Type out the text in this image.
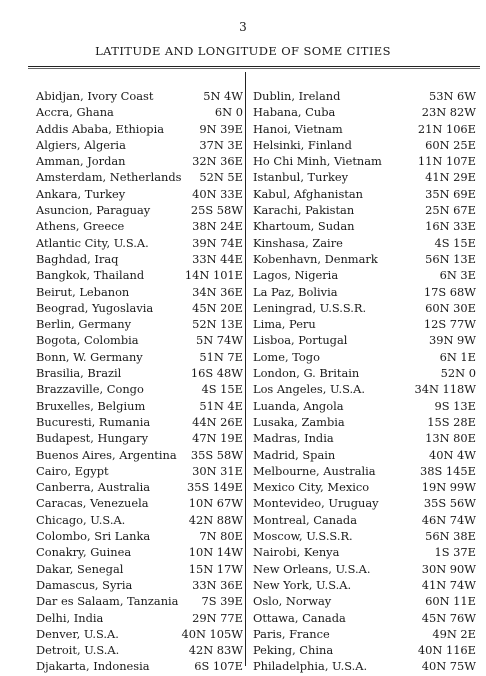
3
LATITUDE AND LONGITUDE OF SOME CITIES
Abidjan, Ivory Coast	5N 4W
Accra, Ghana	6N 0
Addis Ababa, Ethiopia	9N 39E
Algiers, Algeria	37N 3E
Amman, Jordan	32N 36E
Amsterdam, Netherlands 52N 5E
Ankara, Turkey	40N 33E
Asuncion, Paraguay	25S 58W
Athens, Greece	38N 24E
Atlantic City, U.S.A.	39N 74E
Baghdad, Iraq	33N 44E
Bangkok, Thailand	14N 101E
Beirut, Lebanon	34N 36E
Beograd, Yugoslavia	45N 20E
Berlin, Germany	52N 13E
Bogota, Colombia	5N 74W
Bonn, W. Germany	51N 7E
Brasilia, Brazil	16S 48W
Brazzaville, Congo	4S 15E
Bruxelles, Belgium	51N 4E
Bucuresti, Rumania	44N 26E
Budapest, Hungary	47N 19E
Buenos Aires, Argentina 35S 58W
Cairo, Egypt	30N 31E
Canberra, Australia	35S 149E
Caracas, Venezuela	10N 67W
Chicago, U.S.A.	42N 88W
Colombo, Sri Lanka	7N 80E
Conakry, Guinea	10N 14W
Dakar, Senegal	15N 17W
Damascus, Syria	33N 36E
Dar es Salaam, Tanzania 7S 39E
Delhi, India	29N 77E
Denver, U.S.A.	40N 105W
Detroit, U.S.A.	42N 83W
Djakarta, Indonesia	6S 107E
Dublin, Ireland	53N 6W
Habana, Cuba	23N 82W
Hanoi, Vietnam	21N 106E
Helsinki, Finland	60N 25E
Ho Chi Minh, Vietnam	11N 107E
Istanbul, Turkey	41N 29E
Kabul, Afghanistan	35N 69E
Karachi, Pakistan	25N 67E
Khartoum, Sudan	16N 33E
Kinshasa, Zaire	4S 15E
Kobenhavn, Denmark	56N 13E
Lagos, Nigeria	6N 3E
La Paz, Bolivia	17S 68W
Leningrad, U.S.S.R.	60N 30E
Lima, Peru	12S 77W
Lisboa, Portugal	39N 9W
Lome, Togo	6N 1E
London, G. Britain	52N 0
Los Angeles, U.S.A.	34N 118W
Luanda, Angola	9S 13E
Lusaka, Zambia	15S 28E
Madras, India	13N 80E
Madrid, Spain	40N 4W
Melbourne, Australia	38S 145E
Mexico City, Mexico	19N 99W
Montevideo, Uruguay	35S 56W
Montreal, Canada	46N 74W
Moscow, U.S.S.R.	56N 38E
Nairobi, Kenya	1S 37E
New Orleans, U.S.A.	30N 90W
New York, U.S.A.	41N 74W
Oslo, Norway	60N 11E
Ottawa, Canada	45N 76W
Paris, France	49N 2E
Peking, China	40N 116E
Philadelphia, U.S.A.	40N 75W
